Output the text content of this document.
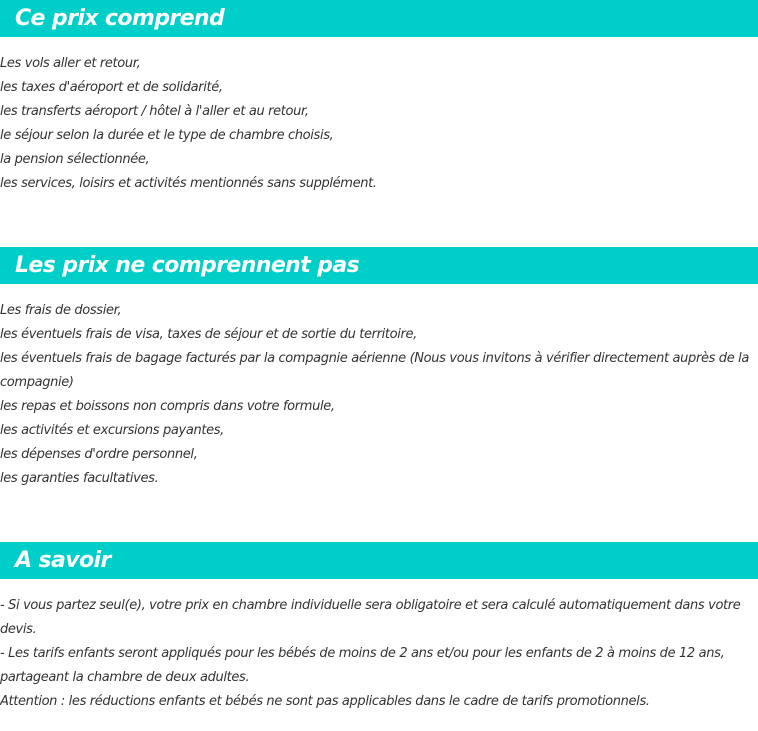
Ce prix comprend
Les vols aller et retour,
les taxes d'aéroport et de solidarité,
les transferts aéroport / hôtel à l'aller et au retour,
le séjour selon la durée et le type de chambre choisis,
la pension sélectionnée,
les services, loisirs et activités mentionnés sans supplément.
Les prix ne comprennent pas
Les frais de dossier,
les éventuels frais de visa, taxes de séjour et de sortie du territoire,
les éventuels frais de bagage facturés par la compagnie aérienne (Nous vous invitons à vérifier directement auprès de la compagnie)
les repas et boissons non compris dans votre formule,
les activités et excursions payantes,
les dépenses d'ordre personnel,
les garanties facultatives.
A savoir
- Si vous partez seul(e), votre prix en chambre individuelle sera obligatoire et sera calculé automatiquement dans votre devis.
- Les tarifs enfants seront appliqués pour les bébés de moins de 2 ans et/ou pour les enfants de 2 à moins de 12 ans, partageant la chambre de deux adultes.
Attention : les réductions enfants et bébés ne sont pas applicables dans le cadre de tarifs promotionnels.
